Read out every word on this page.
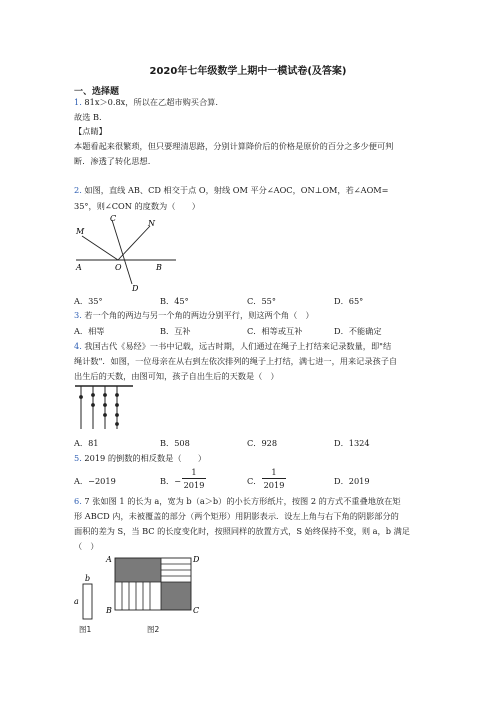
2020年七年级数学上期中一模试卷(及答案)
一、选择题
1. 81x＞0.8x，所以在乙超市购买合算.
故选 B.
【点睛】
本题看起来很繁琐，但只要理清思路，分别计算降价后的价格是原价的百分之多少便可判
断．渗透了转化思想.
2. 如图，直线 AB、CD 相交于点 O，射线 OM 平分∠AOC，ON⊥OM，若∠AOM=
35°，则∠CON 的度数为（　　）
M
C
N
A	O	B
D
A．35°	B．45°	C．55°	D．65°
3. 若一个角的两边与另一个角的两边分别平行，则这两个角（　）
A．相等	B．互补	C．相等或互补	D．不能确定
4. 我国古代《易经》一书中记载，远古时期，人们通过在绳子上打结来记录数量，即"结
绳计数"．如图，一位母亲在从右到左依次排列的绳子上打结，满七进一，用来记录孩子自
出生后的天数，由图可知，孩子自出生后的天数是（　）
A．81	B．508	C．928	D．1324
5. 2019 的倒数的相反数是（　　）
A．−2019	B．−
1
2019	C．
1
2019	D．2019
6. 7 张如图 1 的长为 a，宽为 b（a＞b）的小长方形纸片，按图 2 的方式不重叠地放在矩
形 ABCD 内，未被覆盖的部分（两个矩形）用阴影表示．设左上角与右下角的阴影部分的
面积的差为 S，当 BC 的长度变化时，按照同样的放置方式，S 始终保持不变，则 a，b 满足
（　）
b
a
图1
A	D
B	C
图2
